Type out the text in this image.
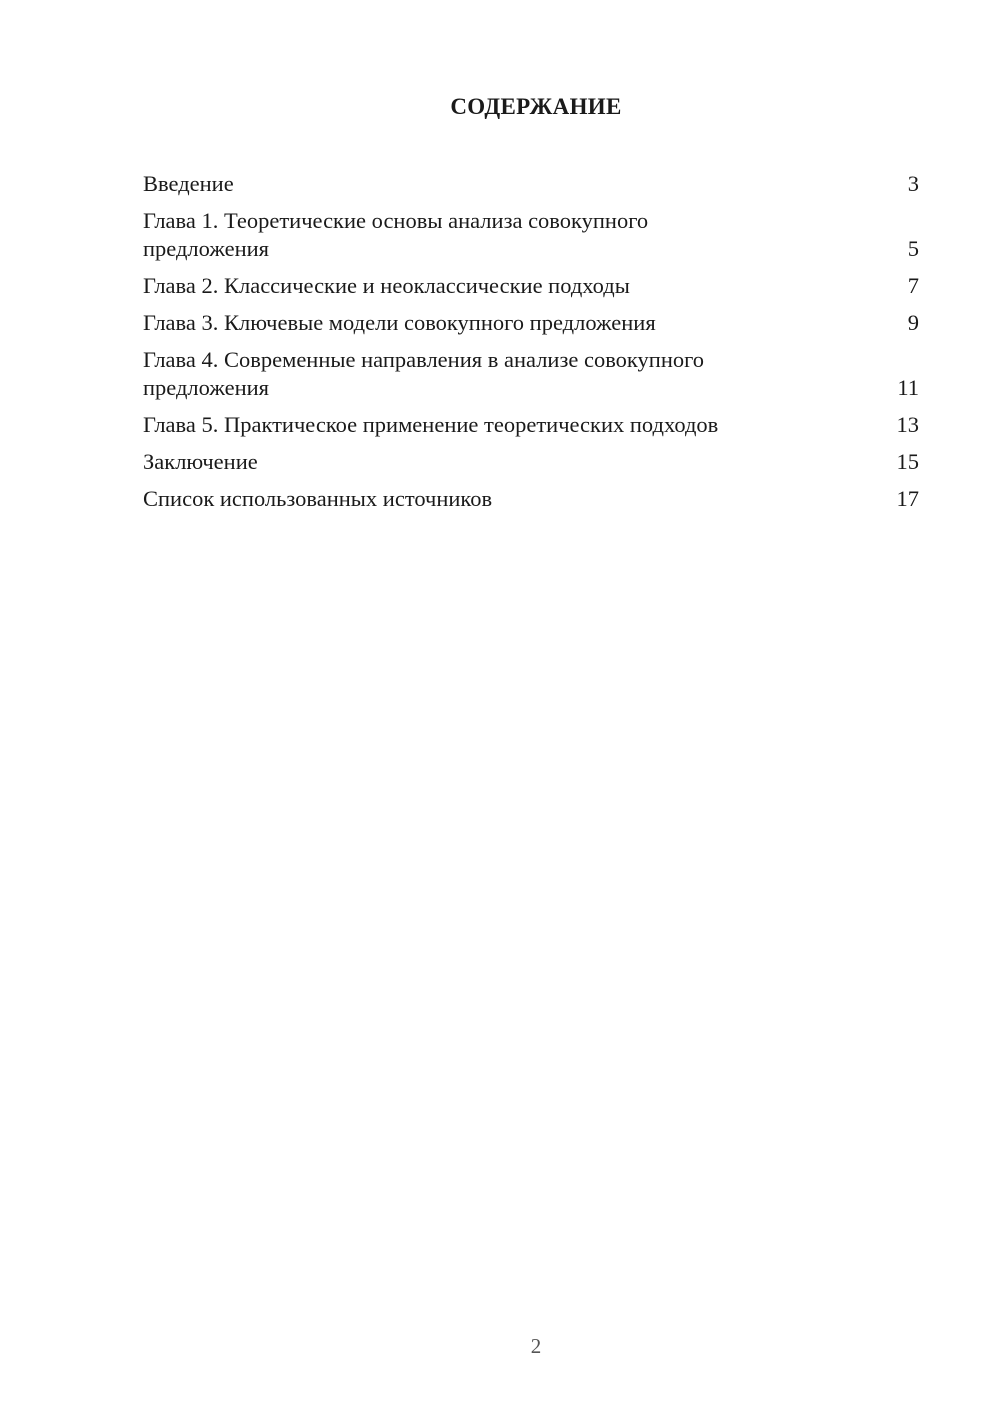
СОДЕРЖАНИЕ
Введение	3
Глава 1. Теоретические основы анализа совокупного предложения	5
Глава 2. Классические и неоклассические подходы	7
Глава 3. Ключевые модели совокупного предложения	9
Глава 4. Современные направления в анализе совокупного предложения	11
Глава 5. Практическое применение теоретических подходов	13
Заключение	15
Список использованных источников	17

2
